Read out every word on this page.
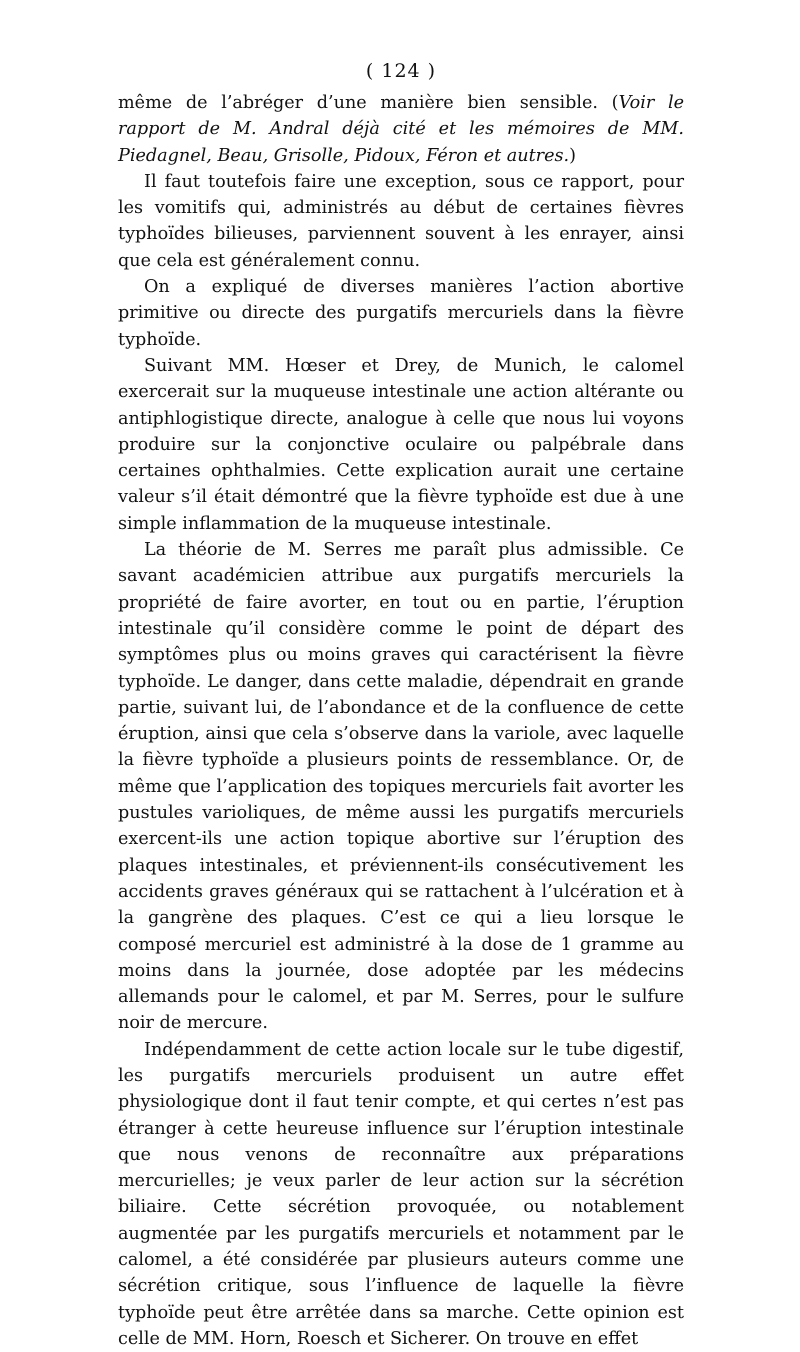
( 124 )

même de l’abréger d’une manière bien sensible. (Voir le rapport de M. Andral déjà cité et les mémoires de MM. Piedagnel, Beau, Grisolle, Pidoux, Féron et autres.)

Il faut toutefois faire une exception, sous ce rapport, pour les vomitifs qui, administrés au début de certaines fièvres typhoïdes bilieuses, parviennent souvent à les enrayer, ainsi que cela est généralement connu.

On a expliqué de diverses manières l’action abortive primitive ou directe des purgatifs mercuriels dans la fièvre typhoïde.

Suivant MM. Hœser et Drey, de Munich, le calomel exercerait sur la muqueuse intestinale une action altérante ou antiphlogistique directe, analogue à celle que nous lui voyons produire sur la conjonctive oculaire ou palpébrale dans certaines ophthalmies. Cette explication aurait une certaine valeur s’il était démontré que la fièvre typhoïde est due à une simple inflammation de la muqueuse intestinale.

La théorie de M. Serres me paraît plus admissible. Ce savant académicien attribue aux purgatifs mercuriels la propriété de faire avorter, en tout ou en partie, l’éruption intestinale qu’il considère comme le point de départ des symptômes plus ou moins graves qui caractérisent la fièvre typhoïde. Le danger, dans cette maladie, dépendrait en grande partie, suivant lui, de l’abondance et de la confluence de cette éruption, ainsi que cela s’observe dans la variole, avec laquelle la fièvre typhoïde a plusieurs points de ressemblance. Or, de même que l’application des topiques mercuriels fait avorter les pustules varioliques, de même aussi les purgatifs mercuriels exercent-ils une action topique abortive sur l’éruption des plaques intestinales, et préviennent-ils consécutivement les accidents graves généraux qui se rattachent à l’ulcération et à la gangrène des plaques. C’est ce qui a lieu lorsque le composé mercuriel est administré à la dose de 1 gramme au moins dans la journée, dose adoptée par les médecins allemands pour le calomel, et par M. Serres, pour le sulfure noir de mercure.

Indépendamment de cette action locale sur le tube digestif, les purgatifs mercuriels produisent un autre effet physiologique dont il faut tenir compte, et qui certes n’est pas étranger à cette heureuse influence sur l’éruption intestinale que nous venons de reconnaître aux préparations mercurielles; je veux parler de leur action sur la sécrétion biliaire. Cette sécrétion provoquée, ou notablement augmentée par les purgatifs mercuriels et notamment par le calomel, a été considérée par plusieurs auteurs comme une sécrétion critique, sous l’influence de laquelle la fièvre typhoïde peut être arrêtée dans sa marche. Cette opinion est celle de MM. Horn, Roesch et Sicherer. On trouve en effet
